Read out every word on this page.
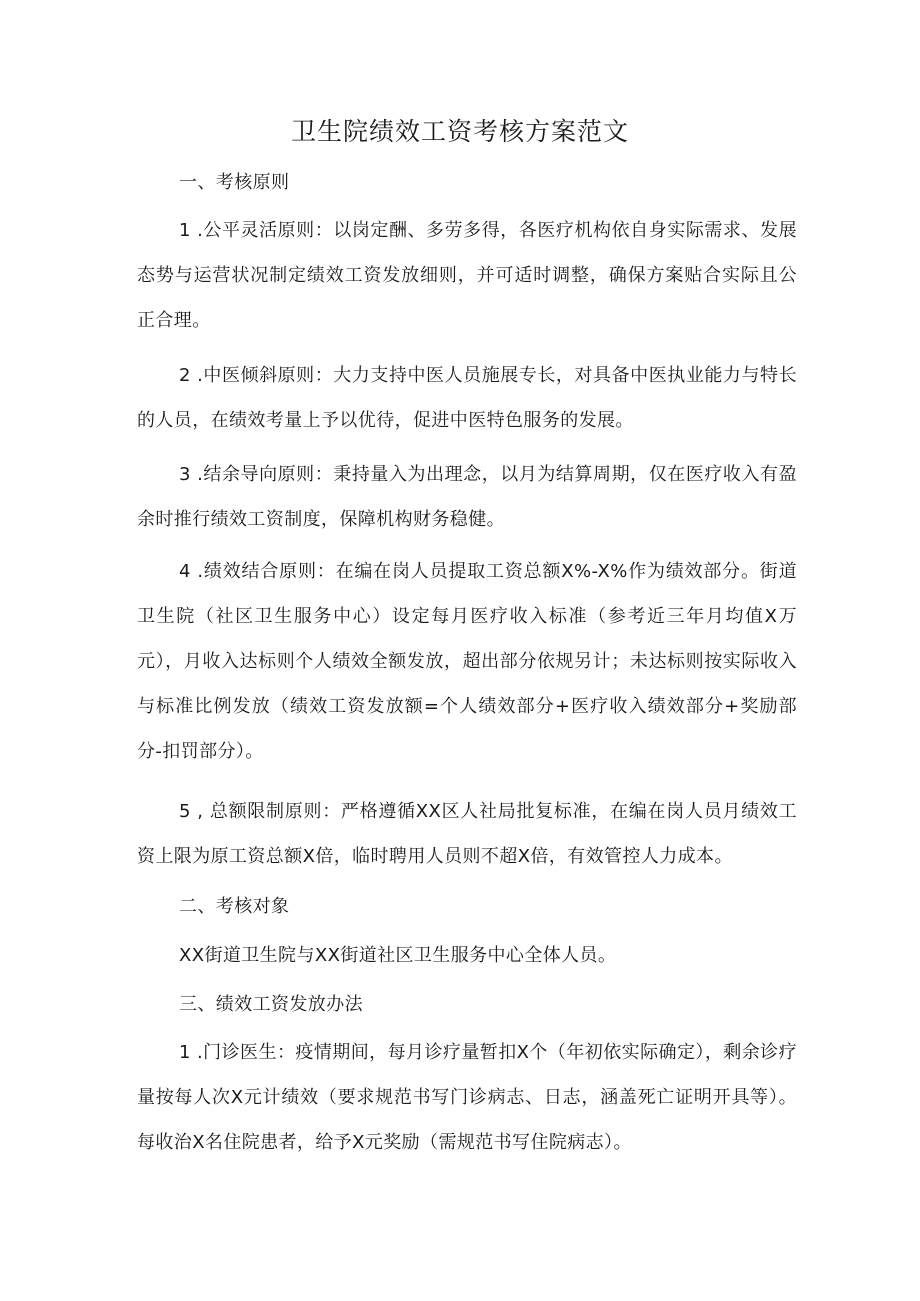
卫生院绩效工资考核方案范文

一、考核原则

1 .公平灵活原则：以岗定酬、多劳多得，各医疗机构依自身实际需求、发展态势与运营状况制定绩效工资发放细则，并可适时调整，确保方案贴合实际且公正合理。

2 .中医倾斜原则：大力支持中医人员施展专长，对具备中医执业能力与特长的人员，在绩效考量上予以优待，促进中医特色服务的发展。

3 .结余导向原则：秉持量入为出理念，以月为结算周期，仅在医疗收入有盈余时推行绩效工资制度，保障机构财务稳健。

4 .绩效结合原则：在编在岗人员提取工资总额X%-X%作为绩效部分。街道卫生院（社区卫生服务中心）设定每月医疗收入标准（参考近三年月均值X万元），月收入达标则个人绩效全额发放，超出部分依规另计；未达标则按实际收入与标准比例发放（绩效工资发放额=个人绩效部分+医疗收入绩效部分+奖励部分-扣罚部分）。

5 , 总额限制原则：严格遵循XX区人社局批复标准，在编在岗人员月绩效工资上限为原工资总额X倍，临时聘用人员则不超X倍，有效管控人力成本。

二、考核对象

XX街道卫生院与XX街道社区卫生服务中心全体人员。

三、绩效工资发放办法

1 .门诊医生：疫情期间，每月诊疗量暂扣X个（年初依实际确定），剩余诊疗量按每人次X元计绩效（要求规范书写门诊病志、日志，涵盖死亡证明开具等）。每收治X名住院患者，给予X元奖励（需规范书写住院病志）。
